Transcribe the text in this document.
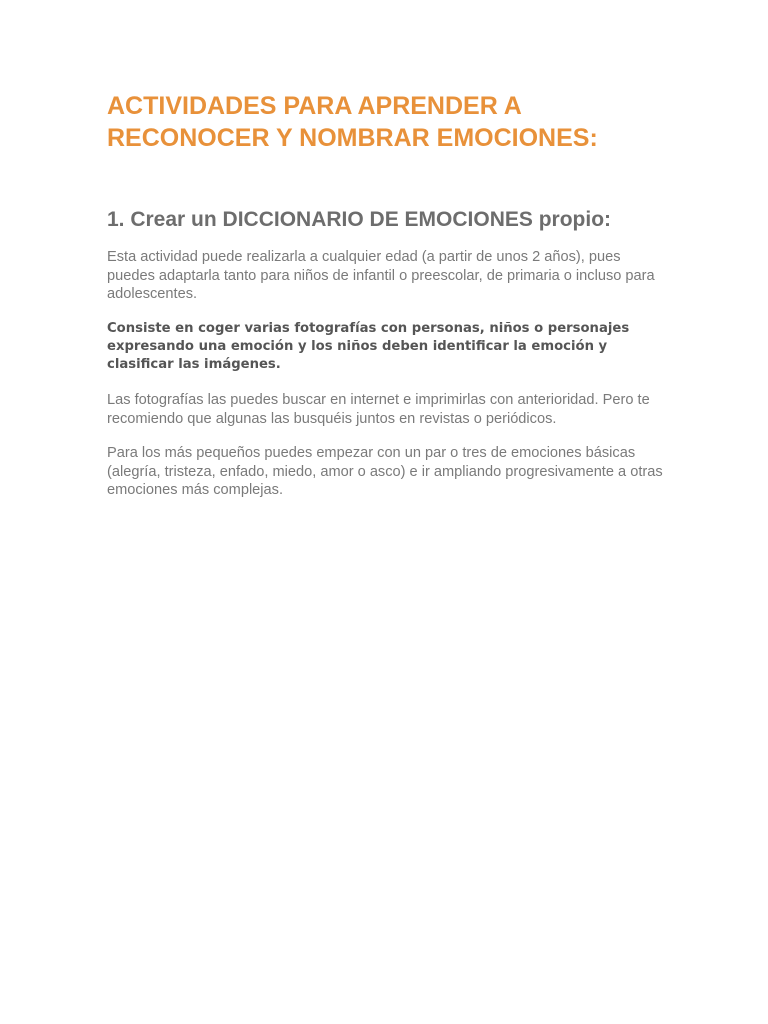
ACTIVIDADES PARA APRENDER A
RECONOCER Y NOMBRAR EMOCIONES:
1. Crear un DICCIONARIO DE EMOCIONES propio:

Esta actividad puede realizarla a cualquier edad (a partir de unos 2 años), pues puedes adaptarla tanto para niños de infantil o preescolar, de primaria o incluso para adolescentes.

Consiste en coger varias fotografías con personas, niños o personajes expresando una emoción y los niños deben identificar la emoción y clasificar las imágenes.

Las fotografías las puedes buscar en internet e imprimirlas con anterioridad. Pero te recomiendo que algunas las busquéis juntos en revistas o periódicos.

Para los más pequeños puedes empezar con un par o tres de emociones básicas (alegría, tristeza, enfado, miedo, amor o asco) e ir ampliando progresivamente a otras emociones más complejas.
